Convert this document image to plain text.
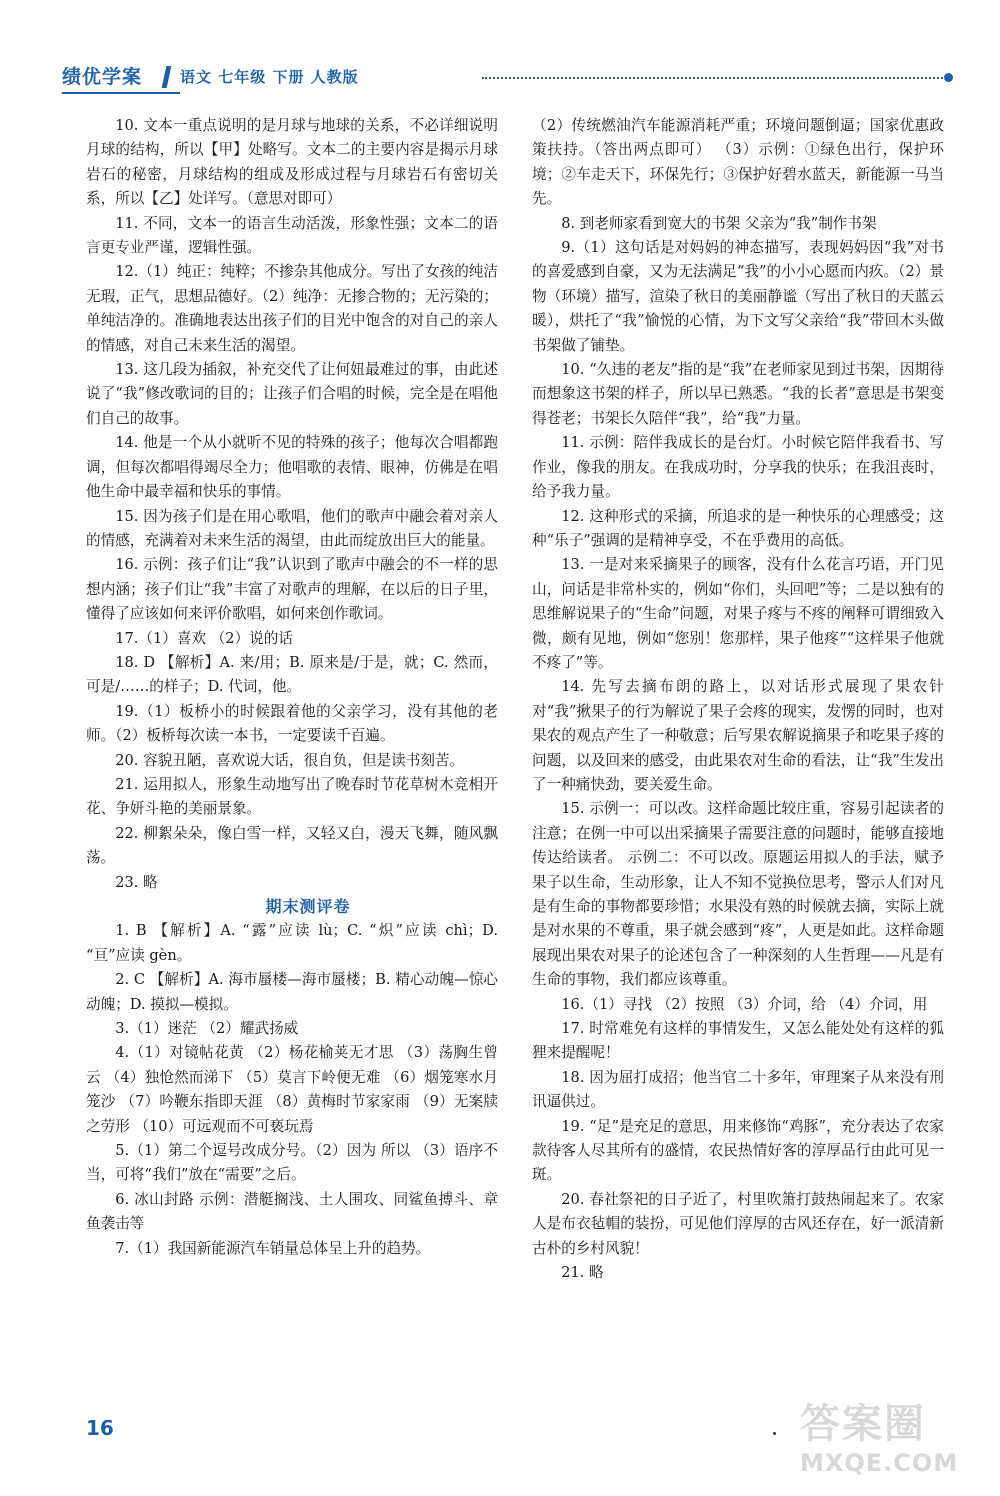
绩优学案	语文 七年级 下册 人教版

10. 文本一重点说明的是月球与地球的关系，不必详细说明月球的结构，所以【甲】处略写。文本二的主要内容是揭示月球岩石的秘密，月球结构的组成及形成过程与月球岩石有密切关系，所以【乙】处详写。（意思对即可）

11. 不同，文本一的语言生动活泼，形象性强；文本二的语言更专业严谨，逻辑性强。

12.（1）纯正：纯粹；不掺杂其他成分。写出了女孩的纯洁无瑕，正气，思想品德好。（2）纯净：无掺合物的；无污染的；单纯洁净的。准确地表达出孩子们的目光中饱含的对自己的亲人的情感，对自己未来生活的渴望。

13. 这几段为插叙，补充交代了让何妞最难过的事，由此述说了“我”修改歌词的目的；让孩子们合唱的时候，完全是在唱他们自己的故事。

14. 他是一个从小就听不见的特殊的孩子；他每次合唱都跑调，但每次都唱得竭尽全力；他唱歌的表情、眼神，仿佛是在唱他生命中最幸福和快乐的事情。

15. 因为孩子们是在用心歌唱，他们的歌声中融会着对亲人的情感，充满着对未来生活的渴望，由此而绽放出巨大的能量。

16. 示例：孩子们让“我”认识到了歌声中融会的不一样的思想内涵；孩子们让“我”丰富了对歌声的理解，在以后的日子里，懂得了应该如何来评价歌唱，如何来创作歌词。

17.（1）喜欢 （2）说的话

18. D 【解析】A. 来/用；B. 原来是/于是，就；C. 然而，可是/……的样子；D. 代词，他。

19.（1）板桥小的时候跟着他的父亲学习，没有其他的老师。（2）板桥每次读一本书，一定要读千百遍。

20. 容貌丑陋，喜欢说大话，很自负，但是读书刻苦。

21. 运用拟人，形象生动地写出了晚春时节花草树木竞相开花、争妍斗艳的美丽景象。

22. 柳絮朵朵，像白雪一样，又轻又白，漫天飞舞，随风飘荡。

23. 略

期末测评卷

1. B 【解析】A. “露”应读 lù；C. “炽”应读 chì；D. “亘”应读 gèn。

2. C 【解析】A. 海市蜃楼—海市蜃楼；B. 精心动魄—惊心动魄；D. 摸拟—模拟。

3.（1）迷茫 （2）耀武扬威

4.（1）对镜帖花黄 （2）杨花榆荚无才思 （3）荡胸生曾云 （4）独怆然而涕下 （5）莫言下岭便无难 （6）烟笼寒水月笼沙 （7）吟鞭东指即天涯 （8）黄梅时节家家雨 （9）无案牍之劳形 （10）可远观而不可亵玩焉

5.（1）第二个逗号改成分号。（2）因为 所以 （3）语序不当，可将“我们”放在“需要”之后。

6. 冰山封路 示例：潜艇搁浅、土人围攻、同鲨鱼搏斗、章鱼袭击等

7.（1）我国新能源汽车销量总体呈上升的趋势。

（2）传统燃油汽车能源消耗严重；环境问题倒逼；国家优惠政策扶持。（答出两点即可） （3）示例：①绿色出行，保护环境；②车走天下，环保先行；③保护好碧水蓝天，新能源一马当先。

8. 到老师家看到宽大的书架 父亲为“我”制作书架

9.（1）这句话是对妈妈的神态描写，表现妈妈因“我”对书的喜爱感到自豪，又为无法满足“我”的小小心愿而内疚。（2）景物（环境）描写，渲染了秋日的美丽静谧（写出了秋日的天蓝云暖），烘托了“我”愉悦的心情，为下文写父亲给“我”带回木头做书架做了铺垫。

10. “久违的老友”指的是“我”在老师家见到过书架，因期待而想象这书架的样子，所以早已熟悉。“我的长者”意思是书架变得苍老；书架长久陪伴“我”，给“我”力量。

11. 示例：陪伴我成长的是台灯。小时候它陪伴我看书、写作业，像我的朋友。在我成功时，分享我的快乐；在我沮丧时，给予我力量。

12. 这种形式的采摘，所追求的是一种快乐的心理感受；这种“乐子”强调的是精神享受，不在乎费用的高低。

13. 一是对来采摘果子的顾客，没有什么花言巧语，开门见山，问话是非常朴实的，例如“你们，头回吧”等；二是以独有的思维解说果子的“生命”问题，对果子疼与不疼的阐释可谓细致入微，颇有见地，例如“您别！您那样，果子他疼”“这样果子他就不疼了”等。

14. 先写去摘布朗的路上，以对话形式展现了果农针对“我”揪果子的行为解说了果子会疼的现实，发愣的同时，也对果农的观点产生了一种敬意；后写果农解说摘果子和吃果子疼的问题，以及回来的感受，由此果农对生命的看法，让“我”生发出了一种痛快劲，要关爱生命。

15. 示例一：可以改。这样命题比较庄重，容易引起读者的注意；在例一中可以出采摘果子需要注意的问题时，能够直接地传达给读者。 示例二：不可以改。原题运用拟人的手法，赋予果子以生命，生动形象，让人不知不觉换位思考，警示人们对凡是有生命的事物都要珍惜；水果没有熟的时候就去摘，实际上就是对水果的不尊重，果子就会感到“疼”，人更是如此。这样命题展现出果农对果子的论述包含了一种深刻的人生哲理——凡是有生命的事物，我们都应该尊重。

16.（1）寻找 （2）按照 （3）介词，给 （4）介词，用

17. 时常难免有这样的事情发生，又怎么能处处有这样的狐狸来提醒呢！

18. 因为屈打成招；他当官二十多年，审理案子从来没有刑讯逼供过。

19. “足”是充足的意思，用来修饰“鸡豚”，充分表达了农家款待客人尽其所有的盛情，农民热情好客的淳厚品行由此可见一斑。

20. 春社祭祀的日子近了，村里吹箫打鼓热闹起来了。农家人是布衣毡帽的装扮，可见他们淳厚的古风还存在，好一派清新古朴的乡村风貌！

21. 略

16	答案圈
MXQE.COM
